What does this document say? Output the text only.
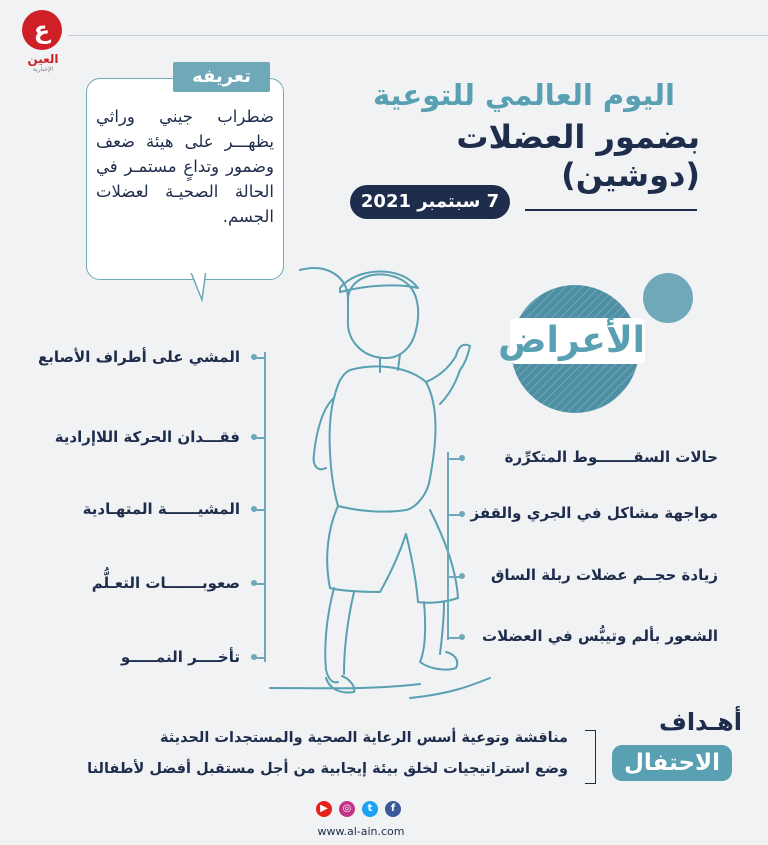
ع
العين
الإخبارية
اليوم العالمي للتوعية
بضمور العضلات (دوشين)
7 سبتمبر 2021
تعريفه
ضطراب جيني وراثي يظهـــر على هيئة ضعف وضمور وتداعٍ مستمـر في الحالة الصحيـة لعضلات الجسم.
الأعراض
المشي على أطراف الأصابع
فقـــدان الحركة اللاإرادية
المشيــــــة المتهـادية
صعوبـــــــات التعـلُّم
تأخــــر النمـــــو
حالات السقـــــــوط المتكرِّرة
مواجهة مشاكل في الجري والقفز
زيادة حجــم عضلات ربلة الساق
الشعور بألم وتيبُّس في العضلات
أهـداف
الاحتفال
مناقشة وتوعية أسس الرعاية الصحية والمستجدات الحديثة
وضع استراتيجيات لخلق بيئة إيجابية من أجل مستقبل أفضل لأطفالنا
▶	◎	t	f
www.al-ain.com
